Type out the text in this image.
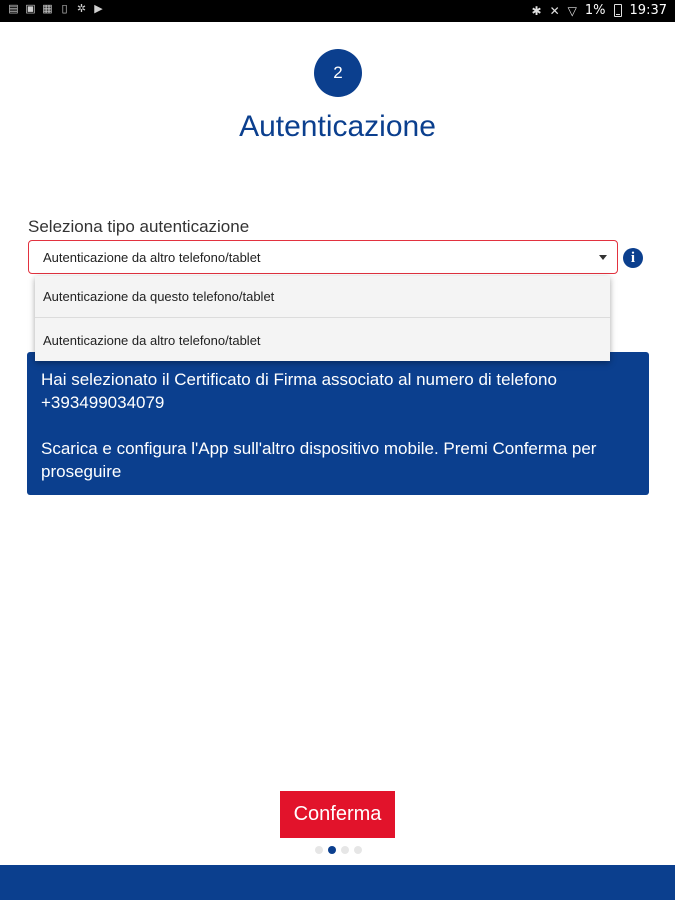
▤ ▣ ▦ ▯ ✲ ▶	✱ ✕ ▽ 1% 19:37
2
Autenticazione
Seleziona tipo autenticazione
Autenticazione da altro telefono/tablet	i
Autenticazione da questo telefono/tablet
Autenticazione da altro telefono/tablet

Hai selezionato il Certificato di Firma associato al numero di telefono +393499034079

Scarica e configura l'App sull'altro dispositivo mobile. Premi Conferma per proseguire

Conferma
